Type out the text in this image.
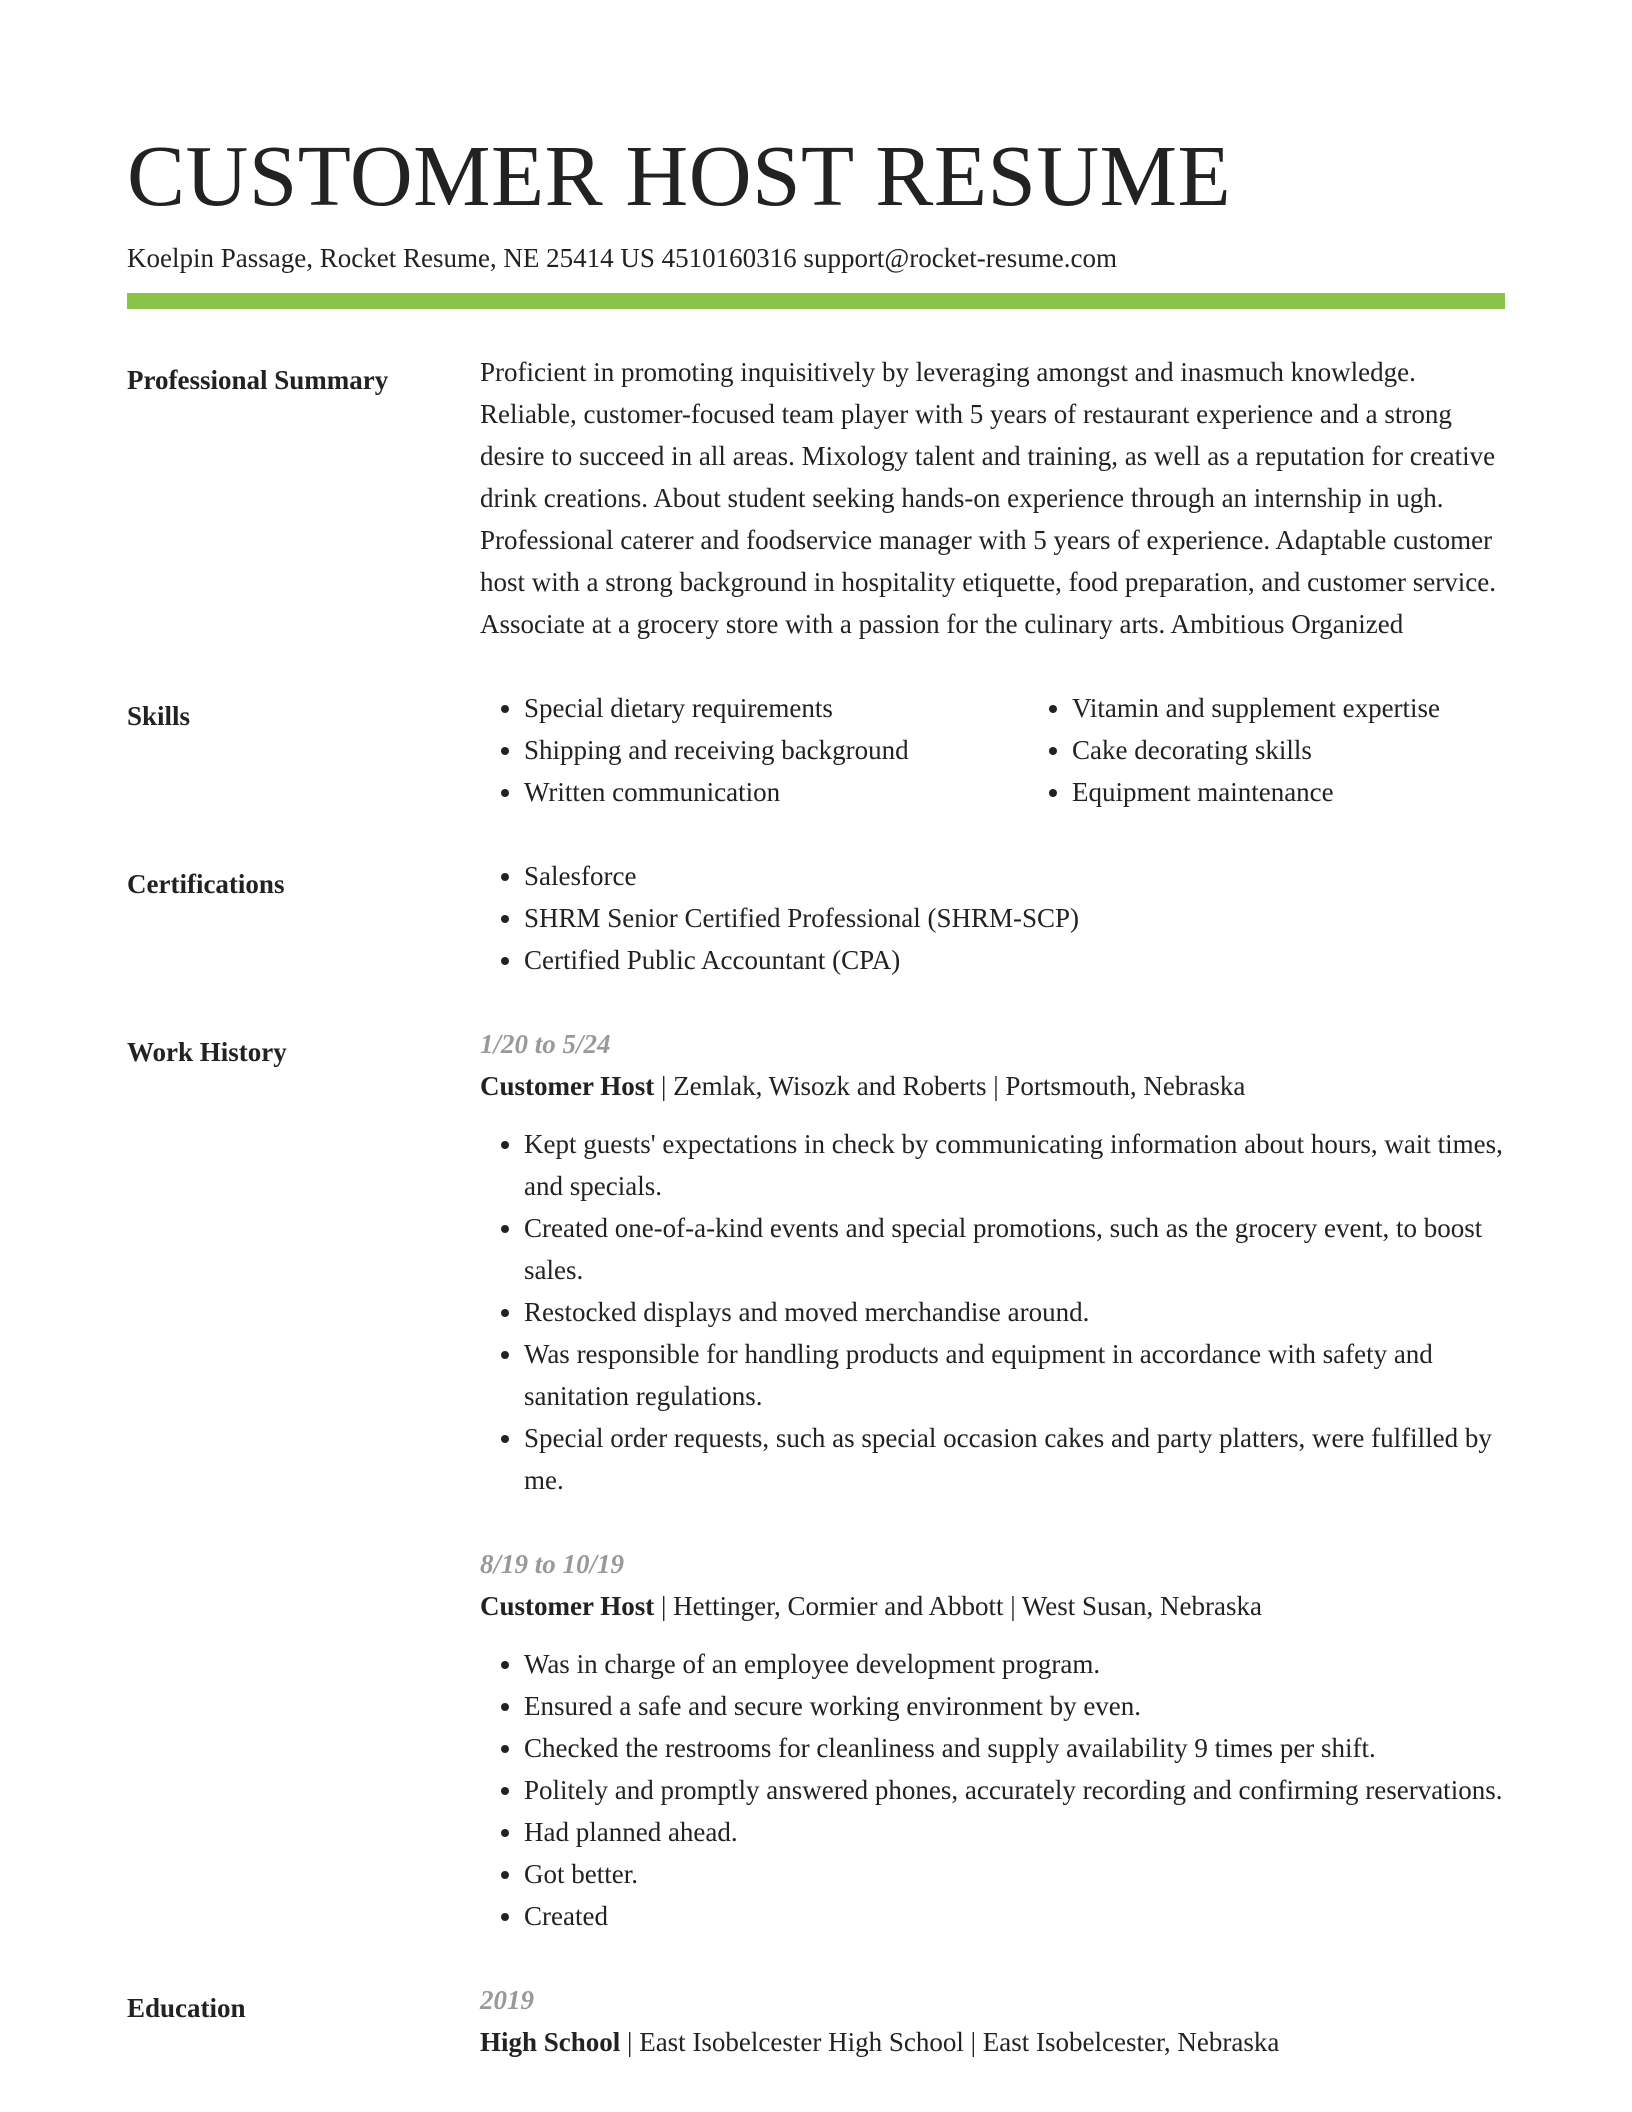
CUSTOMER HOST RESUME
Koelpin Passage, Rocket Resume, NE 25414 US 4510160316 support@rocket-resume.com
Professional Summary	Proficient in promoting inquisitively by leveraging amongst and inasmuch knowledge. Reliable, customer-focused team player with 5 years of restaurant experience and a strong desire to succeed in all areas. Mixology talent and training, as well as a reputation for creative drink creations. About student seeking hands-on experience through an internship in ugh. Professional caterer and foodservice manager with 5 years of experience. Adaptable customer host with a strong background in hospitality etiquette, food preparation, and customer service. Associate at a grocery store with a passion for the culinary arts. Ambitious Organized

Skills	• Special dietary requirements
• Shipping and receiving background
• Written communication
• Vitamin and supplement expertise
• Cake decorating skills
• Equipment maintenance
Certifications	• Salesforce
• SHRM Senior Certified Professional (SHRM-SCP)
• Certified Public Accountant (CPA)
Work History	1/20 to 5/24
Customer Host | Zemlak, Wisozk and Roberts | Portsmouth, Nebraska
• Kept guests' expectations in check by communicating information about hours, wait times, and specials.
• Created one-of-a-kind events and special promotions, such as the grocery event, to boost sales.
• Restocked displays and moved merchandise around.
• Was responsible for handling products and equipment in accordance with safety and sanitation regulations.
• Special order requests, such as special occasion cakes and party platters, were fulfilled by me.
8/19 to 10/19
Customer Host | Hettinger, Cormier and Abbott | West Susan, Nebraska
• Was in charge of an employee development program.
• Ensured a safe and secure working environment by even.
• Checked the restrooms for cleanliness and supply availability 9 times per shift.
• Politely and promptly answered phones, accurately recording and confirming reservations.
• Had planned ahead.
• Got better.
• Created
Education	2019
High School | East Isobelcester High School | East Isobelcester, Nebraska
